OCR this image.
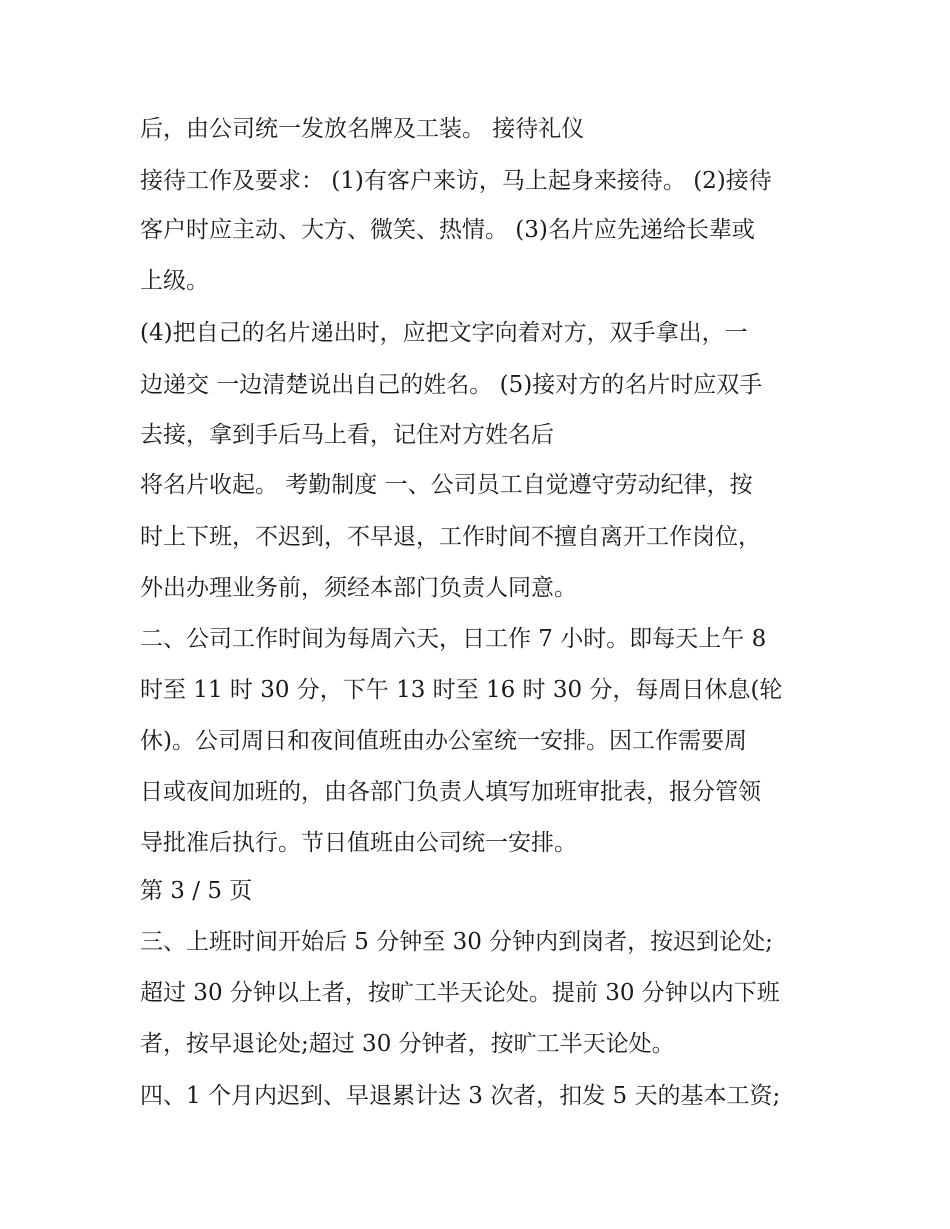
后，由公司统一发放名牌及工装。 接待礼仪

接待工作及要求： (1)有客户来访，马上起身来接待。 (2)接待

客户时应主动、大方、微笑、热情。 (3)名片应先递给长辈或

上级。

(4)把自己的名片递出时，应把文字向着对方，双手拿出，一

边递交 一边清楚说出自己的姓名。 (5)接对方的名片时应双手

去接，拿到手后马上看，记住对方姓名后

将名片收起。 考勤制度 一、公司员工自觉遵守劳动纪律，按

时上下班，不迟到，不早退，工作时间不擅自离开工作岗位，

外出办理业务前，须经本部门负责人同意。

二、公司工作时间为每周六天，日工作 7 小时。即每天上午 8

时至 11 时 30 分，下午 13 时至 16 时 30 分，每周日休息(轮

休)。公司周日和夜间值班由办公室统一安排。因工作需要周

日或夜间加班的，由各部门负责人填写加班审批表，报分管领

导批准后执行。节日值班由公司统一安排。

第 3 / 5 页

三、上班时间开始后 5 分钟至 30 分钟内到岗者，按迟到论处;

超过 30 分钟以上者，按旷工半天论处。提前 30 分钟以内下班

者，按早退论处;超过 30 分钟者，按旷工半天论处。

四、1 个月内迟到、早退累计达 3 次者，扣发 5 天的基本工资;
